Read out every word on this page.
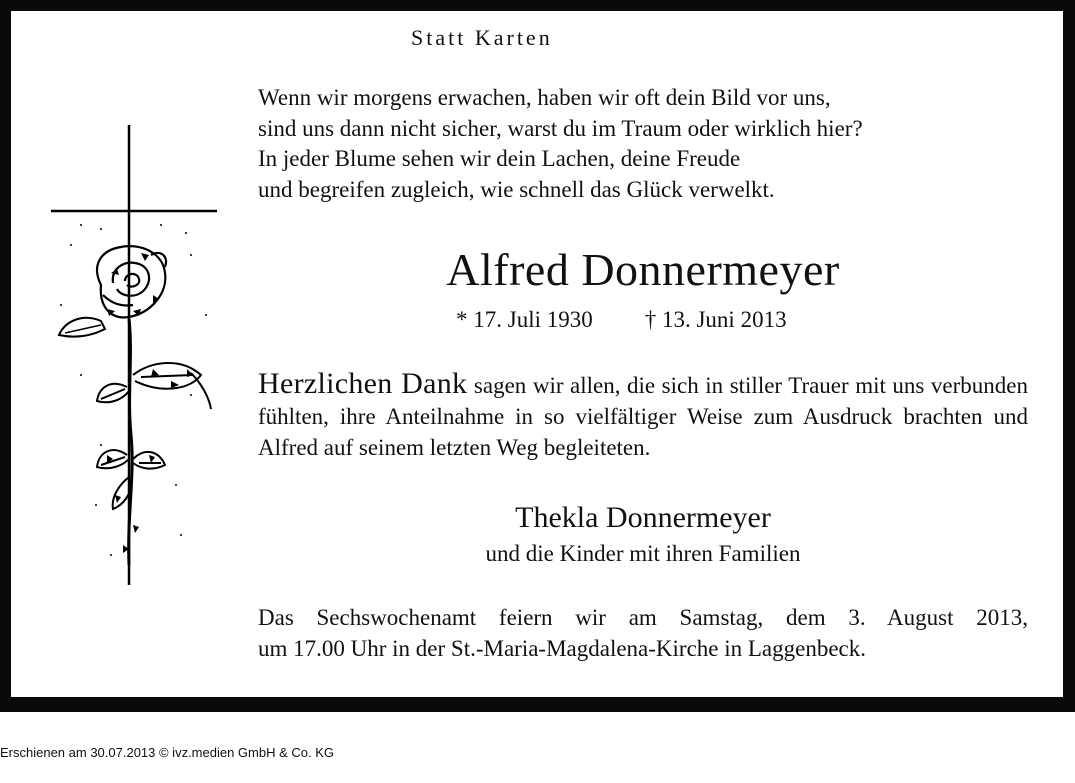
Statt Karten
Wenn wir morgens erwachen, haben wir oft dein Bild vor uns,
sind uns dann nicht sicher, warst du im Traum oder wirklich hier?
In jeder Blume sehen wir dein Lachen, deine Freude
und begreifen zugleich, wie schnell das Glück verwelkt.
Alfred Donnermeyer
* 17. Juli 1930 † 13. Juni 2013
Herzlichen Dank sagen wir allen, die sich in stiller Trauer mit uns verbunden fühlten, ihre Anteilnahme in so vielfältiger Weise zum Ausdruck brachten und Alfred auf seinem letzten Weg begleiteten.
Thekla Donnermeyer
und die Kinder mit ihren Familien
Das Sechswochenamt feiern wir am Samstag, dem 3. August 2013,
um 17.00 Uhr in der St.-Maria-Magdalena-Kirche in Laggenbeck.
Erschienen am 30.07.2013 © ivz.medien GmbH & Co. KG
